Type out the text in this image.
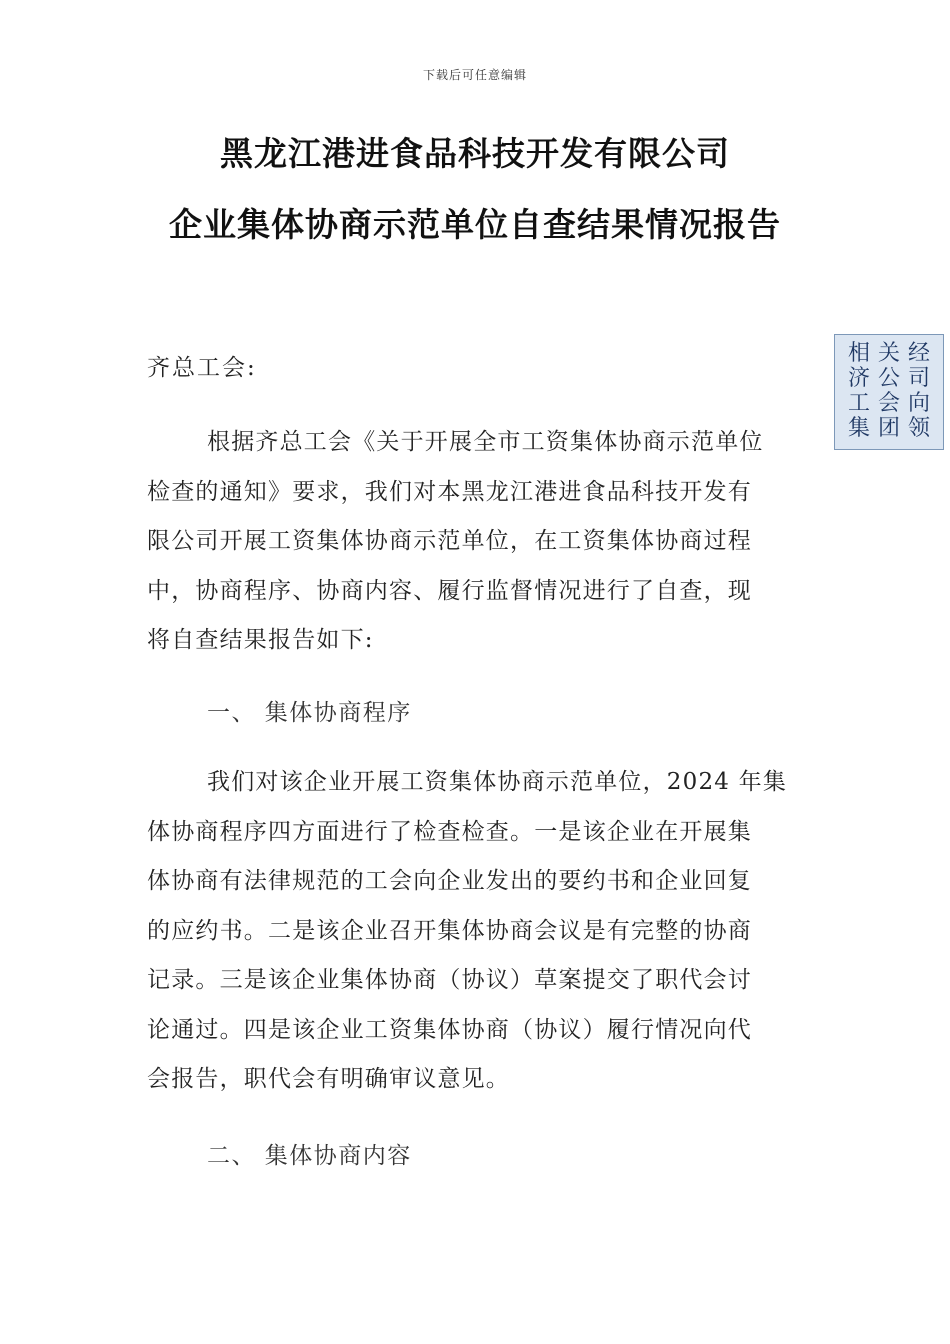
下载后可任意编辑
黑龙江港进食品科技开发有限公司
企业集体协商示范单位自查结果情况报告
齐总工会:
根据齐总工会《关于开展全市工资集体协商示范单位
检查的通知》要求，我们对本黑龙江港进食品科技开发有
限公司开展工资集体协商示范单位，在工资集体协商过程
中，协商程序、协商内容、履行监督情况进行了自查，现
将自查结果报告如下:
一、 集体协商程序
我们对该企业开展工资集体协商示范单位，2024 年集
体协商程序四方面进行了检查检查。一是该企业在开展集
体协商有法律规范的工会向企业发出的要约书和企业回复
的应约书。二是该企业召开集体协商会议是有完整的协商
记录。三是该企业集体协商（协议）草案提交了职代会讨
论通过。四是该企业工资集体协商（协议）履行情况向代
会报告，职代会有明确审议意见。
二、 集体协商内容
经
司
向
领
关
公
会
团
相
济
工
集
